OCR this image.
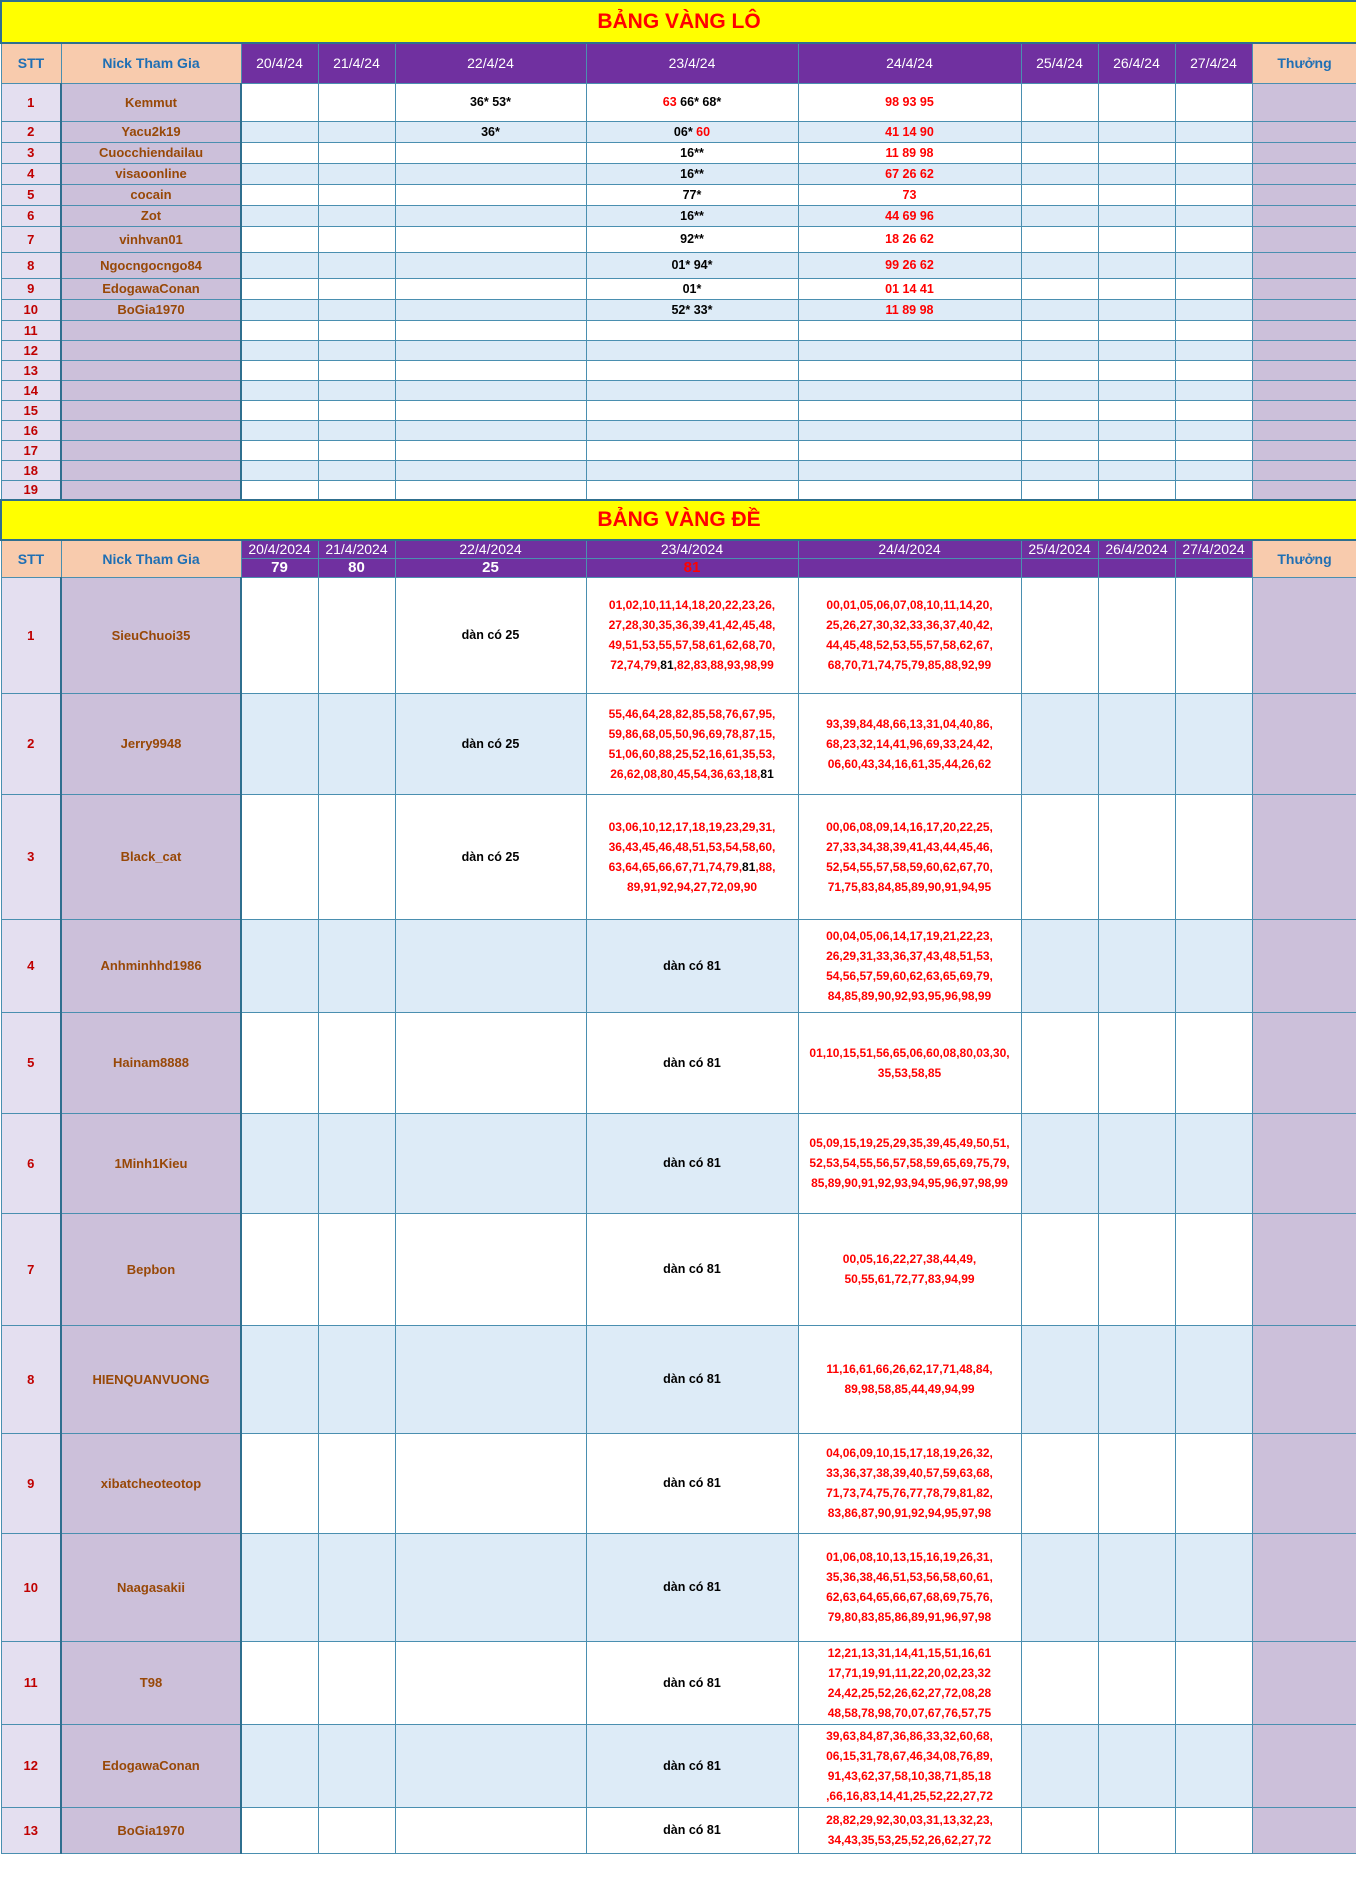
BẢNG VÀNG LÔ										
STT	Nick Tham Gia	20/4/24	21/4/24	22/4/24	23/4/24	24/4/24	25/4/24	26/4/24	27/4/24	Thưởng
1	Kemmut			36* 53*	63 66* 68*	98 93 95				
2	Yacu2k19			36*	06* 60	41 14 90				
3	Cuocchiendailau				16**	11 89 98				
4	visaoonline				16**	67 26 62				
5	cocain				77*	73				
6	Zot				16**	44 69 96				
7	vinhvan01				92**	18 26 62				
8	Ngocngocngo84				01* 94*	99 26 62				
9	EdogawaConan				01*	01 14 41				
10	BoGia1970				52* 33*	11 89 98				
11										
12										
13										
14										
15										
16										
17										
18										
19										
BẢNG VÀNG ĐỀ										
STT	Nick Tham Gia	20/4/2024	21/4/2024	22/4/2024	23/4/2024	24/4/2024	25/4/2024	26/4/2024	27/4/2024	Thưởng
		79	80	25	81					
1	SieuChuoi35			dàn có 25	01,02,10,11,14,18,20,22,23,26,
27,28,30,35,36,39,41,42,45,48,
49,51,53,55,57,58,61,62,68,70,
72,74,79,81,82,83,88,93,98,99	00,01,05,06,07,08,10,11,14,20,
25,26,27,30,32,33,36,37,40,42,
44,45,48,52,53,55,57,58,62,67,
68,70,71,74,75,79,85,88,92,99				
2	Jerry9948			dàn có 25	55,46,64,28,82,85,58,76,67,95,
59,86,68,05,50,96,69,78,87,15,
51,06,60,88,25,52,16,61,35,53,
26,62,08,80,45,54,36,63,18,81	93,39,84,48,66,13,31,04,40,86,
68,23,32,14,41,96,69,33,24,42,
06,60,43,34,16,61,35,44,26,62				
3	Black_cat			dàn có 25	03,06,10,12,17,18,19,23,29,31,
36,43,45,46,48,51,53,54,58,60,
63,64,65,66,67,71,74,79,81,88,
89,91,92,94,27,72,09,90	00,06,08,09,14,16,17,20,22,25,
27,33,34,38,39,41,43,44,45,46,
52,54,55,57,58,59,60,62,67,70,
71,75,83,84,85,89,90,91,94,95				
4	Anhminhhd1986				dàn có 81	00,04,05,06,14,17,19,21,22,23,
26,29,31,33,36,37,43,48,51,53,
54,56,57,59,60,62,63,65,69,79,
84,85,89,90,92,93,95,96,98,99				
5	Hainam8888				dàn có 81	01,10,15,51,56,65,06,60,08,80,03,30,
35,53,58,85				
6	1Minh1Kieu				dàn có 81	05,09,15,19,25,29,35,39,45,49,50,51,
52,53,54,55,56,57,58,59,65,69,75,79,
85,89,90,91,92,93,94,95,96,97,98,99				
7	Bepbon				dàn có 81	00,05,16,22,27,38,44,49,
50,55,61,72,77,83,94,99				
8	HIENQUANVUONG				dàn có 81	11,16,61,66,26,62,17,71,48,84,
89,98,58,85,44,49,94,99				
9	xibatcheoteotop				dàn có 81	04,06,09,10,15,17,18,19,26,32,
33,36,37,38,39,40,57,59,63,68,
71,73,74,75,76,77,78,79,81,82,
83,86,87,90,91,92,94,95,97,98				
10	Naagasakii				dàn có 81	01,06,08,10,13,15,16,19,26,31,
35,36,38,46,51,53,56,58,60,61,
62,63,64,65,66,67,68,69,75,76,
79,80,83,85,86,89,91,96,97,98				
11	T98				dàn có 81	12,21,13,31,14,41,15,51,16,61
17,71,19,91,11,22,20,02,23,32
24,42,25,52,26,62,27,72,08,28
48,58,78,98,70,07,67,76,57,75				
12	EdogawaConan				dàn có 81	39,63,84,87,36,86,33,32,60,68,
06,15,31,78,67,46,34,08,76,89,
91,43,62,37,58,10,38,71,85,18
,66,16,83,14,41,25,52,22,27,72				
13	BoGia1970				dàn có 81	28,82,29,92,30,03,31,13,32,23,
34,43,35,53,25,52,26,62,27,72				
